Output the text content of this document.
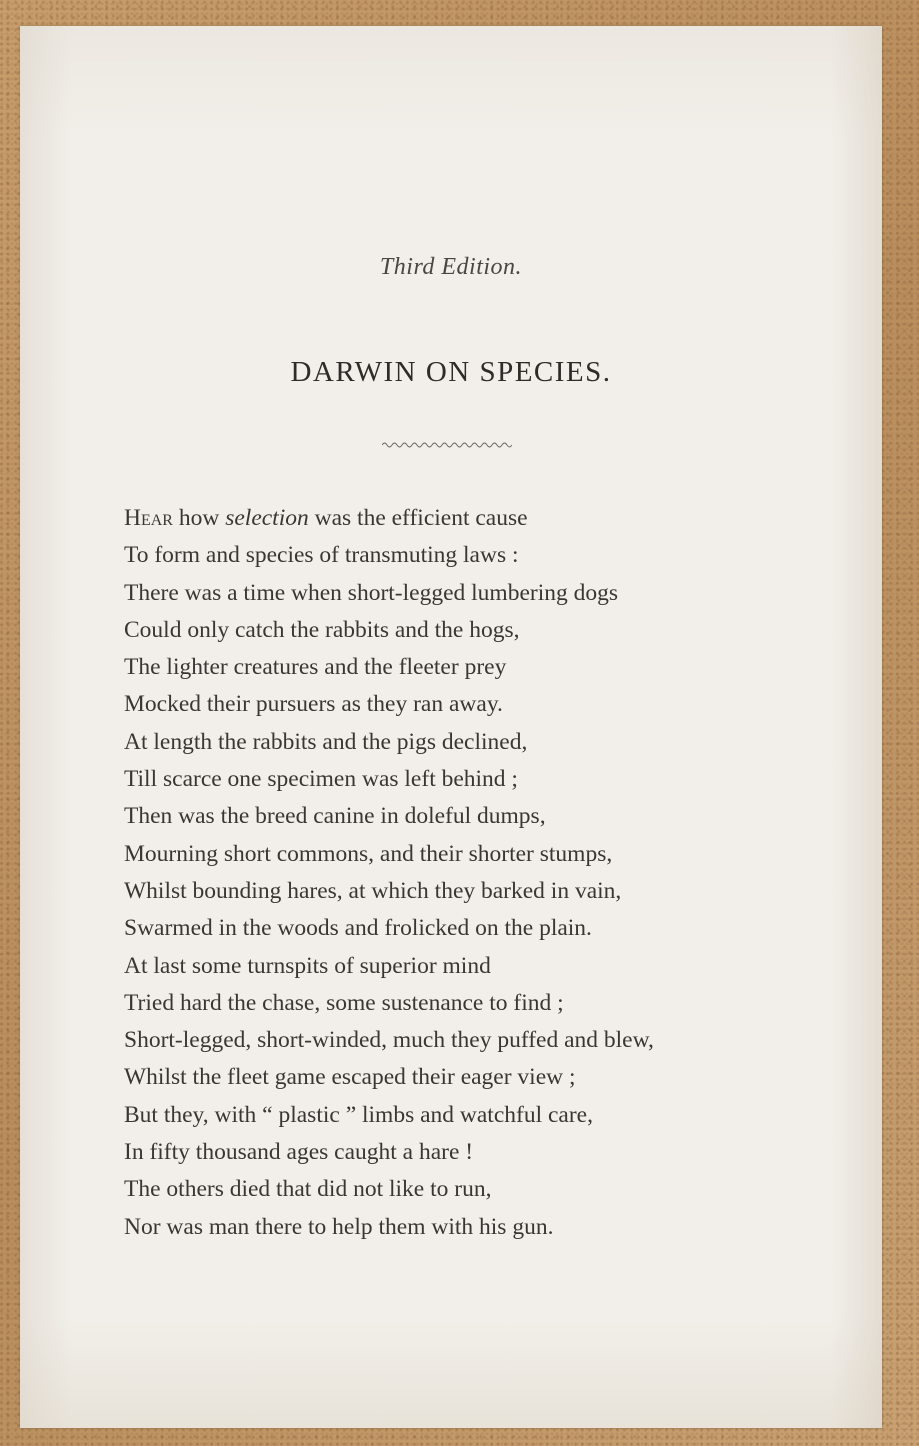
Third Edition.
DARWIN ON SPECIES.
Hear how selection was the efficient cause
To form and species of transmuting laws :
There was a time when short-legged lumbering dogs
Could only catch the rabbits and the hogs,
The lighter creatures and the fleeter prey
Mocked their pursuers as they ran away.
At length the rabbits and the pigs declined,
Till scarce one specimen was left behind ;
Then was the breed canine in doleful dumps,
Mourning short commons, and their shorter stumps,
Whilst bounding hares, at which they barked in vain,
Swarmed in the woods and frolicked on the plain.
At last some turnspits of superior mind
Tried hard the chase, some sustenance to find ;
Short-legged, short-winded, much they puffed and blew,
Whilst the fleet game escaped their eager view ;
But they, with “ plastic ” limbs and watchful care,
In fifty thousand ages caught a hare !
The others died that did not like to run,
Nor was man there to help them with his gun.
